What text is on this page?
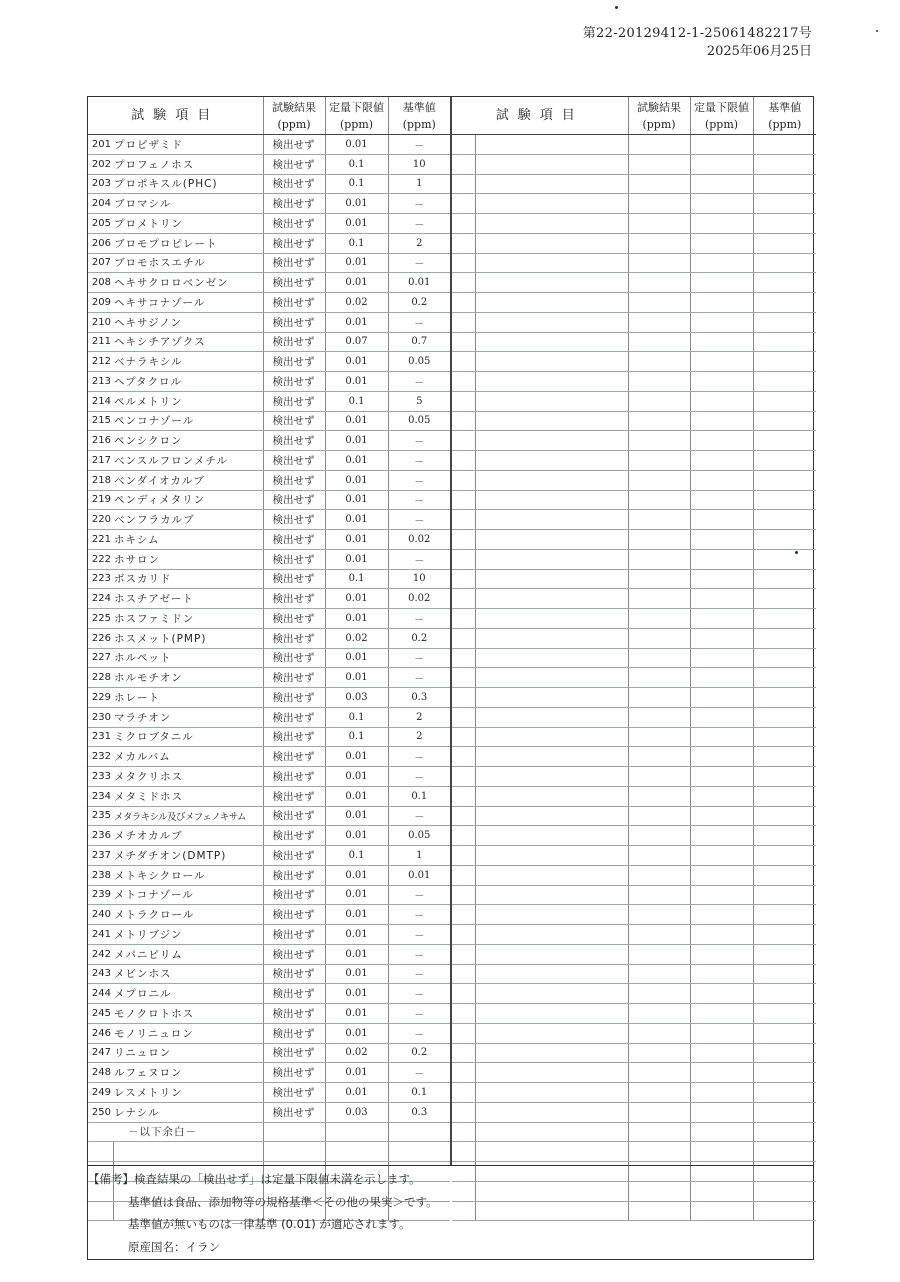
第22-20129412-1-25061482217号
2025年06月25日
試験項目		試験結果
(ppm)	定量下限値
(ppm)	基準値
(ppm)
201	プロピザミド	検出せず	0.01	－
202	プロフェノホス	検出せず	0.1	10
203	プロポキスル(PHC)	検出せず	0.1	1
204	ブロマシル	検出せず	0.01	－
205	プロメトリン	検出せず	0.01	－
206	ブロモプロピレート	検出せず	0.1	2
207	ブロモホスエチル	検出せず	0.01	－
208	ヘキサクロロベンゼン	検出せず	0.01	0.01
209	ヘキサコナゾール	検出せず	0.02	0.2
210	ヘキサジノン	検出せず	0.01	－
211	ヘキシチアゾクス	検出せず	0.07	0.7
212	ベナラキシル	検出せず	0.01	0.05
213	ヘプタクロル	検出せず	0.01	－
214	ペルメトリン	検出せず	0.1	5
215	ペンコナゾール	検出せず	0.01	0.05
216	ペンシクロン	検出せず	0.01	－
217	ベンスルフロンメチル	検出せず	0.01	－
218	ベンダイオカルブ	検出せず	0.01	－
219	ペンディメタリン	検出せず	0.01	－
220	ベンフラカルブ	検出せず	0.01	－
221	ホキシム	検出せず	0.01	0.02
222	ホサロン	検出せず	0.01	－
223	ボスカリド	検出せず	0.1	10
224	ホスチアゼート	検出せず	0.01	0.02
225	ホスファミドン	検出せず	0.01	－
226	ホスメット(PMP)	検出せず	0.02	0.2
227	ホルペット	検出せず	0.01	－
228	ホルモチオン	検出せず	0.01	－
229	ホレート	検出せず	0.03	0.3
230	マラチオン	検出せず	0.1	2
231	ミクロブタニル	検出せず	0.1	2
232	メカルバム	検出せず	0.01	－
233	メタクリホス	検出せず	0.01	－
234	メタミドホス	検出せず	0.01	0.1
235	メタラキシル及びメフェノキサム	検出せず	0.01	－
236	メチオカルブ	検出せず	0.01	0.05
237	メチダチオン(DMTP)	検出せず	0.1	1
238	メトキシクロール	検出せず	0.01	0.01
239	メトコナゾール	検出せず	0.01	－
240	メトラクロール	検出せず	0.01	－
241	メトリブジン	検出せず	0.01	－
242	メパニピリム	検出せず	0.01	－
243	メビンホス	検出せず	0.01	－
244	メプロニル	検出せず	0.01	－
245	モノクロトホス	検出せず	0.01	－
246	モノリニュロン	検出せず	0.01	－
247	リニュロン	検出せず	0.02	0.2
248	ルフェヌロン	検出せず	0.01	－
249	レスメトリン	検出せず	0.01	0.1
250	レナシル	検出せず	0.03	0.3
－以下余白－				

試験項目		試験結果
(ppm)	定量下限値
(ppm)	基準値
(ppm)

【備考】検査結果の「検出せず」は定量下限値未満を示します。
基準値は食品、添加物等の規格基準＜その他の果実＞です。
基準値が無いものは一律基準 (0.01) が適応されます。
原産国名：イラン
